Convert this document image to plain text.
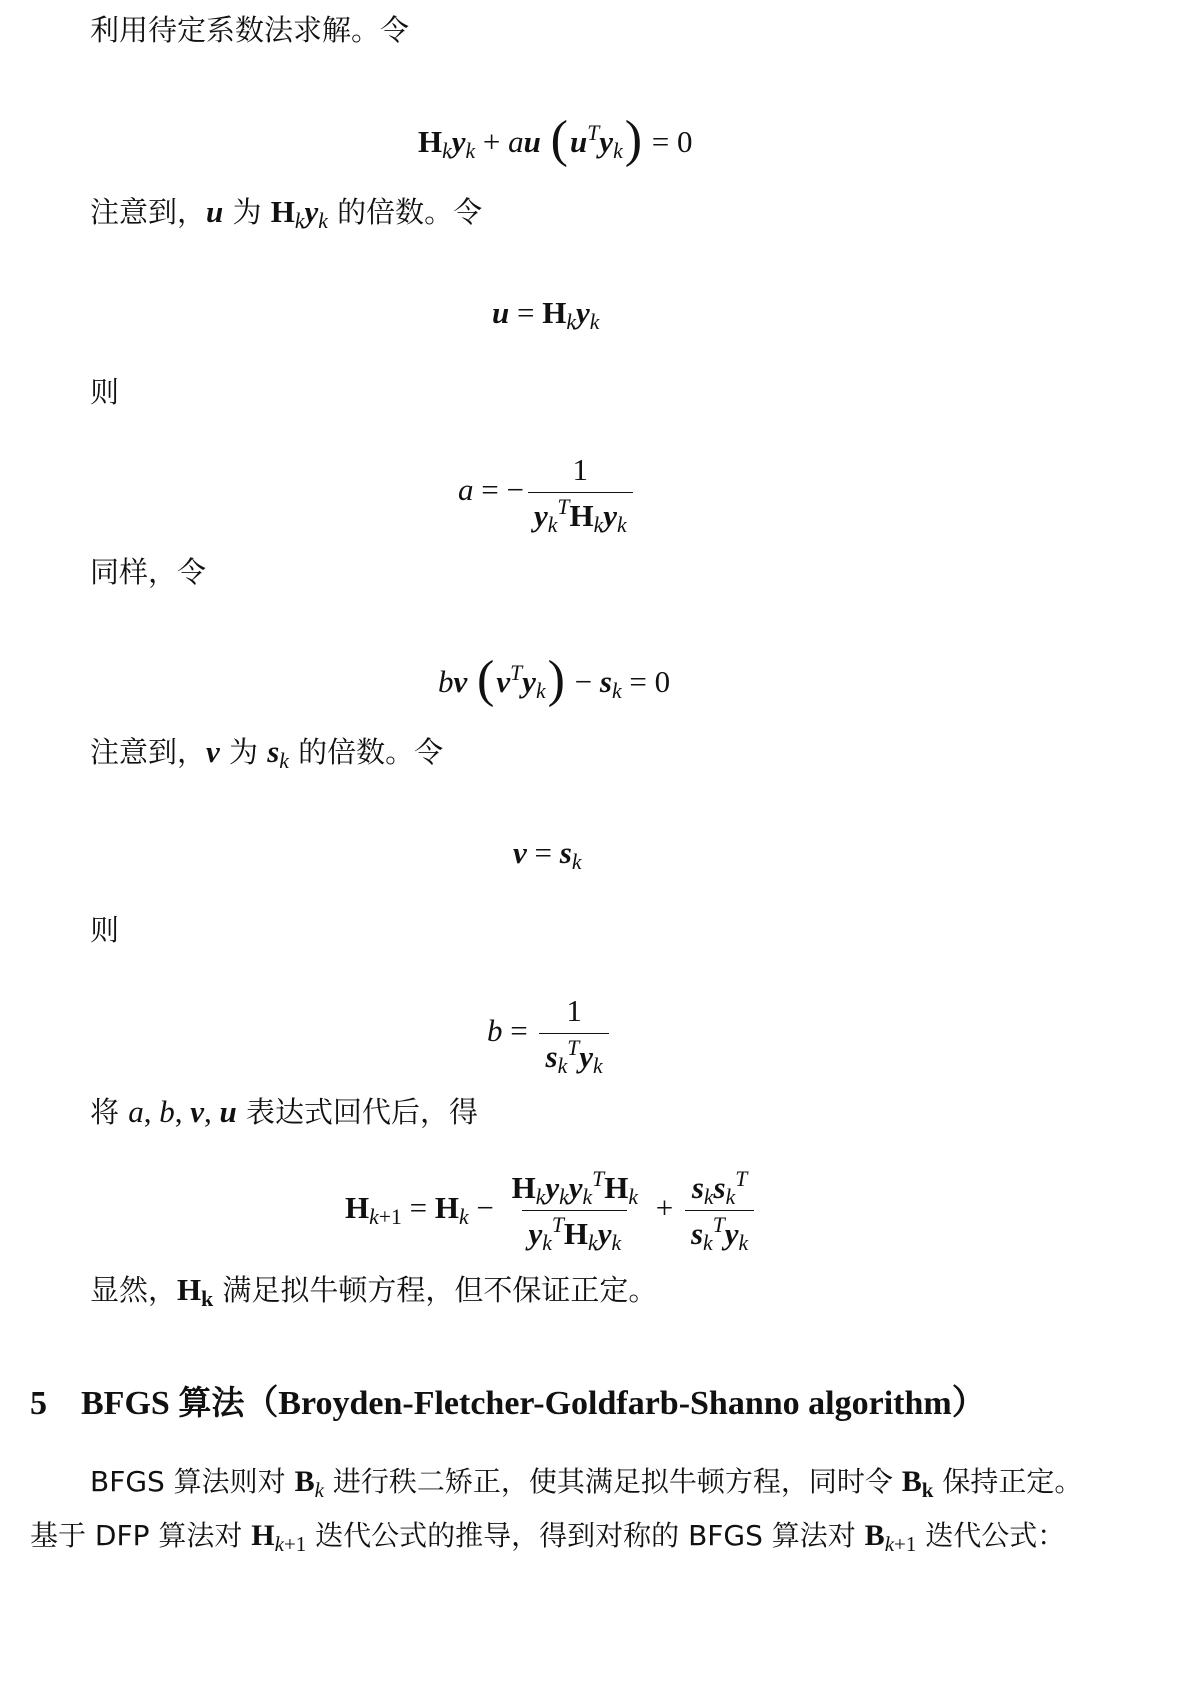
利用待定系数法求解。令
$H_ky_k$ + au $(u^Ty_k) = 0$
注意到，u 为 $H_ky_k$ 的倍数。令
$u = H_ky_k$
则
a = − $\frac{1}{y_k^TH_ky_k}$
同样，令
bv $(v^Ty_k) - s_k = 0$
注意到，v 为 $s_k$ 的倍数。令
$v = s_k$
则
$b = \frac{1}{s_k^Ty_k}$
将 a, b, v, u 表达式回代后，得
$H_{k+1} = H_k - \frac{H_ky_ky_k^TH_k}{y_k^TH_ky_k} + \frac{s_ks_k^T}{s_k^Ty_k}$
显然，$H_k$ 满足拟牛顿方程，但不保证正定。
5 BFGS 算法（Broyden-Fletcher-Goldfarb-Shanno algorithm）
BFGS 算法则对 $B_k$ 进行秩二矫正，使其满足拟牛顿方程，同时令 $B_k$ 保持正定。
基于 DFP 算法对 $H_{k+1}$ 迭代公式的推导，得到对称的 BFGS 算法对 $B_{k+1}$ 迭代公式：
